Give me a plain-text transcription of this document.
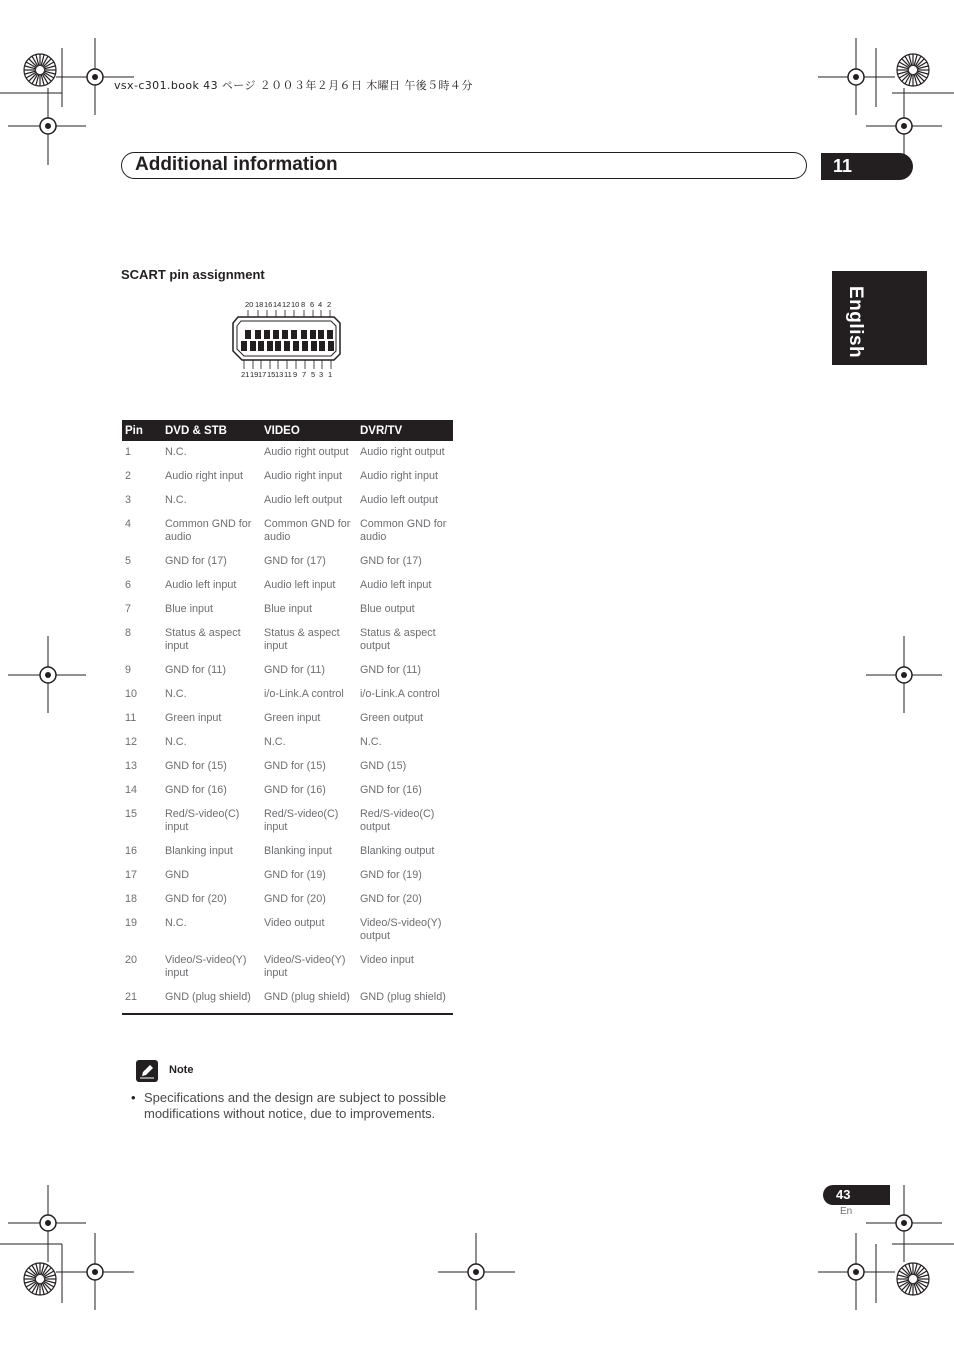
vsx-c301.book 43 ページ ２００３年２月６日 木曜日 午後５時４分
Additional information	11
English
SCART pin assignment
20 18 16 14 12 10 8 6 4 2
21 19 17 15 13 11 9 7 5 3 1
Pin	DVD & STB	VIDEO	DVR/TV
1	N.C.	Audio right output	Audio right output
2	Audio right input	Audio right input	Audio right input
3	N.C.	Audio left output	Audio left output
4	Common GND for audio	Common GND for audio	Common GND for audio
5	GND for (17)	GND for (17)	GND for (17)
6	Audio left input	Audio left input	Audio left input
7	Blue input	Blue input	Blue output
8	Status & aspect input	Status & aspect input	Status & aspect output
9	GND for (11)	GND for (11)	GND for (11)
10	N.C.	i/o-Link.A control	i/o-Link.A control
11	Green input	Green input	Green output
12	N.C.	N.C.	N.C.
13	GND for (15)	GND for (15)	GND (15)
14	GND for (16)	GND for (16)	GND for (16)
15	Red/S-video(C) input	Red/S-video(C) input	Red/S-video(C) output
16	Blanking input	Blanking input	Blanking output
17	GND	GND for (19)	GND for (19)
18	GND for (20)	GND for (20)	GND for (20)
19	N.C.	Video output	Video/S-video(Y) output
20	Video/S-video(Y) input	Video/S-video(Y) input	Video input
21	GND (plug shield)	GND (plug shield)	GND (plug shield)
Note
• Specifications and the design are subject to possible modifications without notice, due to improvements.
43
En
